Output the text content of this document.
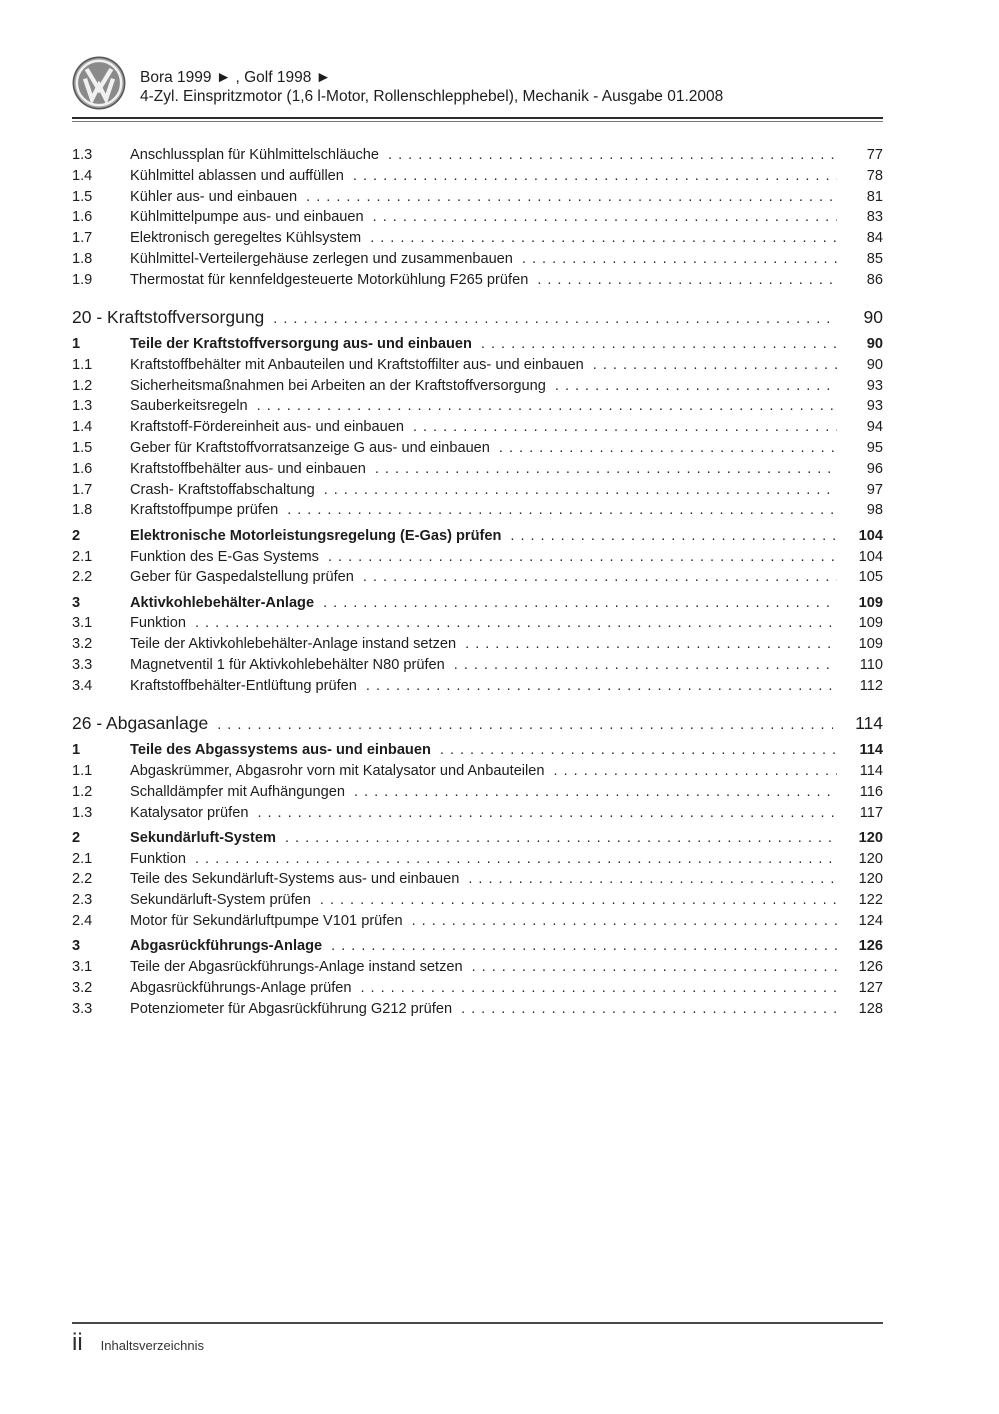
Bora 1999 ► , Golf 1998 ►
4-Zyl. Einspritzmotor (1,6 l-Motor, Rollenschlepphebel), Mechanik - Ausgabe 01.2008
1.3	Anschlussplan für Kühlmittelschläuche .....	77
1.4	Kühlmittel ablassen und auffüllen .....	78
1.5	Kühler aus- und einbauen .....	81
1.6	Kühlmittelpumpe aus- und einbauen .....	83
1.7	Elektronisch geregeltes Kühlsystem .....	84
1.8	Kühlmittel-Verteilergehäuse zerlegen und zusammenbauen .....	85
1.9	Thermostat für kennfeldgesteuerte Motorkühlung F265 prüfen .....	86
20 - Kraftstoffversorgung .....	90
1	Teile der Kraftstoffversorgung aus- und einbauen .....	90
1.1	Kraftstoffbehälter mit Anbauteilen und Kraftstoffilter aus- und einbauen .....	90
1.2	Sicherheitsmaßnahmen bei Arbeiten an der Kraftstoffversorgung .....	93
1.3	Sauberkeitsregeln .....	93
1.4	Kraftstoff-Fördereinheit aus- und einbauen .....	94
1.5	Geber für Kraftstoffvorratsanzeige G aus- und einbauen .....	95
1.6	Kraftstoffbehälter aus- und einbauen .....	96
1.7	Crash- Kraftstoffabschaltung .....	97
1.8	Kraftstoffpumpe prüfen .....	98
2	Elektronische Motorleistungsregelung (E-Gas) prüfen .....	104
2.1	Funktion des E-Gas Systems .....	104
2.2	Geber für Gaspedalstellung prüfen .....	105
3	Aktivkohlebehälter-Anlage .....	109
3.1	Funktion .....	109
3.2	Teile der Aktivkohlebehälter-Anlage instand setzen .....	109
3.3	Magnetventil 1 für Aktivkohlebehälter N80 prüfen .....	110
3.4	Kraftstoffbehälter-Entlüftung prüfen .....	112
26 - Abgasanlage .....	114
1	Teile des Abgassystems aus- und einbauen .....	114
1.1	Abgaskrümmer, Abgasrohr vorn mit Katalysator und Anbauteilen .....	114
1.2	Schalldämpfer mit Aufhängungen .....	116
1.3	Katalysator prüfen .....	117
2	Sekundärluft-System .....	120
2.1	Funktion .....	120
2.2	Teile des Sekundärluft-Systems aus- und einbauen .....	120
2.3	Sekundärluft-System prüfen .....	122
2.4	Motor für Sekundärluftpumpe V101 prüfen .....	124
3	Abgasrückführungs-Anlage .....	126
3.1	Teile der Abgasrückführungs-Anlage instand setzen .....	126
3.2	Abgasrückführungs-Anlage prüfen .....	127
3.3	Potenziometer für Abgasrückführung G212 prüfen .....	128
ii Inhaltsverzeichnis
